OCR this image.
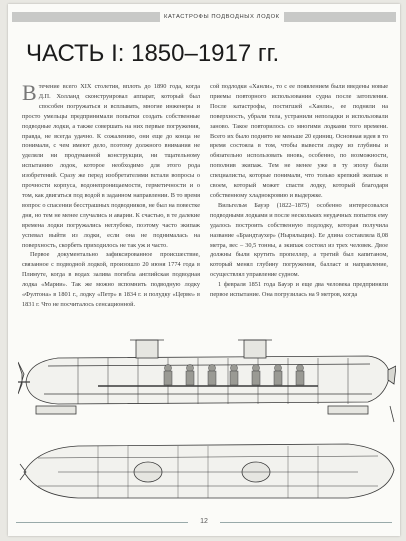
КАТАСТРОФЫ ПОДВОДНЫХ ЛОДОК
ЧАСТЬ I: 1850–1917 гг.

Втечение всего XIX столетия, вплоть до 1890 года, когда Д.П. Холланд сконструировал аппарат, который был способен погружаться и всплывать, многие инженеры и просто умельцы предпринимали попытки создать собственные подводные лодки, а также совершать на них первые погружения, правда, не всегда удачно. К сожалению, они еще до конца не понимали, с чем имеют дело, поэтому должного внимания не уделяли ни продуманной конструкции, ни тщательному испытанию лодок, которое необходимо для этого рода изобретений. Сразу же перед изобретателями встали вопросы о прочности корпуса, водонепроницаемости, герметичности и о том, как двигаться под водой в заданном направлении. В то время вопрос о спасении бесстрашных подводников, не был на повестке дня, но тем не менее случались и аварии. К счастью, в те далекие времена лодки погружались неглубоко, поэтому часто экипаж успевал выйти из лодки, если она не поднималась на поверхность, скорбеть приходилось не так уж и часто.

Первое документально зафиксированное происшествие, связанное с подводной лодкой, произошло 20 июня 1774 года в Плимуте, когда в водах залива погибла английская подводная лодка «Марии». Так же можно вспомнить подводную лодку «Фултона» в 1801 г., лодку «Петр» в 1834 г. и полудку «Церве» в 1831 г. Что не посчиталось сенсационной.

сой подлодки «Ханли», то с ее появлением были введены новые приемы повторного использования судна после затопления. После катастрофы, постигшей «Ханли», ее подняли на поверхность, убрали тела, устранили неполадки и использовали заново. Такое повторилось со многими лодками того времени. Всего их было поднято не меньше 20 единиц. Основная идея в то время состояла в том, чтобы вывести лодку из глубины и обязательно использовать вновь, особенно, по возможности, пополнив экипаж. Тем не менее уже в ту эпоху были специалисты, которые понимали, что только крепкий экипаж в своем, который может спасти лодку, который благодаря собственному хладнокровию и выдержке.

Вильгельм Бауэр (1822–1875) особенно интересовался подводными лодками и после нескольких неудачных попыток ему удалось построить собственную подлодку, которая получила название «Брандтаухер» (Ныряльщик). Ее длина составляла 8,08 метра, вес – 30,5 тонны, а экипаж состоял из трех человек. Двое должны были крутить пропеллер, а третий был капитаном, который менял глубину погружения, балласт и направление, осуществлял управление судном.

1 февраля 1851 года Бауэр и еще два человека предприняли первое испытание. Она погрузилась на 9 метров, когда

12
